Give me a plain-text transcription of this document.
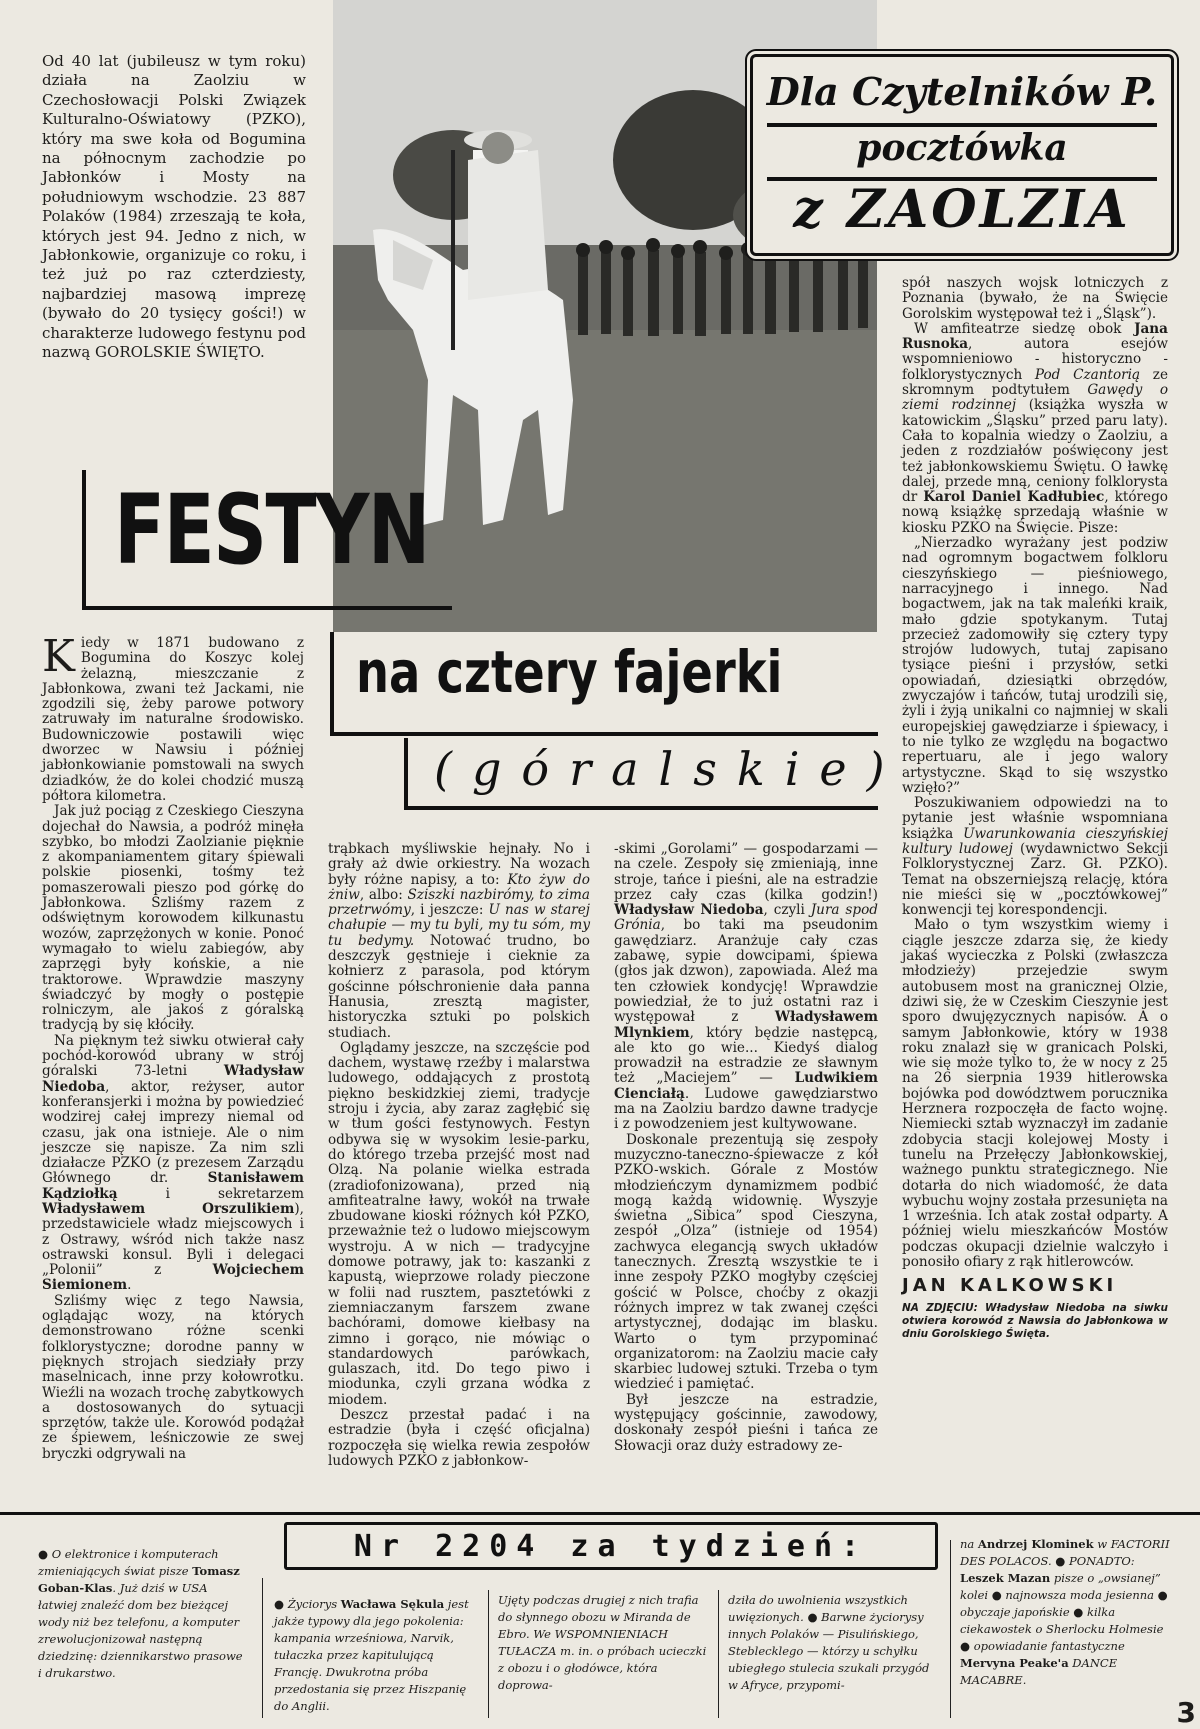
Dla Czytelników P.
pocztówka
z ZAOLZIA
Od 40 lat (jubileusz w tym roku) działa na Zaolziu w Czechosłowacji Polski Związek Kulturalno-Oświatowy (PZKO), który ma swe koła od Bogumina na północnym zachodzie po Jabłonków i Mosty na południowym wschodzie. 23 887 Polaków (1984) zrzeszają te koła, których jest 94. Jedno z nich, w Jabłonkowie, organizuje co roku, i też już po raz czterdziesty, najbardziej masową imprezę (bywało do 20 tysięcy gości!) w charakterze ludowego festynu pod nazwą GOROLSKIE ŚWIĘTO.
FESTYN
na cztery fajerki
(góralskie)

Kiedy w 1871 budowano z Bogumina do Koszyc kolej żelazną, mieszczanie z Jabłonkowa, zwani też Jackami, nie zgodzili się, żeby parowe potwory zatruwały im naturalne środowisko. Budowniczowie postawili więc dworzec w Nawsiu i później jabłonkowianie pomstowali na swych dziadków, że do kolei chodzić muszą półtora kilometra.

Jak już pociąg z Czeskiego Cieszyna dojechał do Nawsia, a podróż minęła szybko, bo młodzi Zaolzianie pięknie z akompaniamentem gitary śpiewali polskie piosenki, tośmy też pomaszerowali pieszo pod górkę do Jabłonkowa. Szliśmy razem z odświętnym korowodem kilkunastu wozów, zaprzężonych w konie. Ponoć wymagało to wielu zabiegów, aby zaprzęgi były końskie, a nie traktorowe. Wprawdzie maszyny świadczyć by mogły o postępie rolniczym, ale jakoś z góralską tradycją by się kłóciły.

Na pięknym też siwku otwierał cały pochód-korowód ubrany w strój góralski 73-letni Władysław Niedoba, aktor, reżyser, autor konferansjerki i można by powiedzieć wodzirej całej imprezy niemal od czasu, jak ona istnieje. Ale o nim jeszcze się napisze. Za nim szli działacze PZKO (z prezesem Zarządu Głównego dr. Stanisławem Kądziołką i sekretarzem Władysławem Orszulikiem), przedstawiciele władz miejscowych i z Ostrawy, wśród nich także nasz ostrawski konsul. Byli i delegaci „Polonii” z Wojciechem Siemionem.

Szliśmy więc z tego Nawsia, oglądając wozy, na których demonstrowano różne scenki folklorystyczne; dorodne panny w pięknych strojach siedziały przy maselnicach, inne przy kołowrotku. Wieźli na wozach trochę zabytkowych a dostosowanych do sytuacji sprzętów, także ule. Korowód podążał ze śpiewem, leśniczowie ze swej bryczki odgrywali na

trąbkach myśliwskie hejnały. No i grały aż dwie orkiestry. Na wozach były różne napisy, a to: Kto żyw do żniw, albo: Sziszki nazbirómy, to zima przetrwómy, i jeszcze: U nas w starej chałupie — my tu byli, my tu sóm, my tu bedymy. Notować trudno, bo deszczyk gęstnieje i cieknie za kołnierz z parasola, pod którym gościnne półschronienie dała panna Hanusia, zresztą magister, historyczka sztuki po polskich studiach.

Oglądamy jeszcze, na szczęście pod dachem, wystawę rzeźby i malarstwa ludowego, oddających z prostotą piękno beskidzkiej ziemi, tradycje stroju i życia, aby zaraz zagłębić się w tłum gości festynowych. Festyn odbywa się w wysokim lesie-parku, do którego trzeba przejść most nad Olzą. Na polanie wielka estrada (zradiofonizowana), przed nią amfiteatralne ławy, wokół na trwałe zbudowane kioski różnych kół PZKO, przeważnie też o ludowo miejscowym wystroju. A w nich — tradycyjne domowe potrawy, jak to: kaszanki z kapustą, wieprzowe rolady pieczone w folii nad rusztem, pasztetówki z ziemniaczanym farszem zwane bachórami, domowe kiełbasy na zimno i gorąco, nie mówiąc o standardowych parówkach, gulaszach, itd. Do tego piwo i miodunka, czyli grzana wódka z miodem.

Deszcz przestał padać i na estradzie (była i część oficjalna) rozpoczęła się wielka rewia zespołów ludowych PZKO z jabłonkow-

-skimi „Gorolami” — gospodarzami — na czele. Zespoły się zmieniają, inne stroje, tańce i pieśni, ale na estradzie przez cały czas (kilka godzin!) Władysław Niedoba, czyli Jura spod Grónia, bo taki ma pseudonim gawędziarz. Aranżuje cały czas zabawę, sypie dowcipami, śpiewa (głos jak dzwon), zapowiada. Aleź ma ten człowiek kondycję! Wprawdzie powiedział, że to już ostatni raz i występował z Władysławem Mlynkiem, który będzie następcą, ale kto go wie... Kiedyś dialog prowadził na estradzie ze sławnym też „Maciejem” — Ludwikiem Cienciałą. Ludowe gawędziarstwo ma na Zaolziu bardzo dawne tradycje i z powodzeniem jest kultywowane.

Doskonale prezentują się zespoły muzyczno-taneczno-śpiewacze z kół PZKO-wskich. Górale z Mostów młodzieńczym dynamizmem podbić mogą każdą widownię. Wyszyje świetna „Sibica” spod Cieszyna, zespół „Olza” (istnieje od 1954) zachwyca elegancją swych układów tanecznych. Zresztą wszystkie te i inne zespoły PZKO mogłyby częściej gościć w Polsce, choćby z okazji różnych imprez w tak zwanej części artystycznej, dodając im blasku. Warto o tym przypominać organizatorom: na Zaolziu macie cały skarbiec ludowej sztuki. Trzeba o tym wiedzieć i pamiętać.

Był jeszcze na estradzie, występujący gościnnie, zawodowy, doskonały zespół pieśni i tańca ze Słowacji oraz duży estradowy ze-

spół naszych wojsk lotniczych z Poznania (bywało, że na Święcie Gorolskim występował też i „Śląsk”).

W amfiteatrze siedzę obok Jana Rusnoka, autora esejów wspomnieniowo - historyczno - folklorystycznych Pod Czantorią ze skromnym podtytułem Gawędy o ziemi rodzinnej (książka wyszła w katowickim „Śląsku” przed paru laty). Cała to kopalnia wiedzy o Zaolziu, a jeden z rozdziałów poświęcony jest też jabłonkowskiemu Świętu. O ławkę dalej, przede mną, ceniony folklorysta dr Karol Daniel Kadłubiec, którego nową książkę sprzedają właśnie w kiosku PZKO na Święcie. Pisze:

„Nierzadko wyrażany jest podziw nad ogromnym bogactwem folkloru cieszyńskiego — pieśniowego, narracyjnego i innego. Nad bogactwem, jak na tak maleńki kraik, mało gdzie spotykanym. Tutaj przecież zadomowiły się cztery typy strojów ludowych, tutaj zapisano tysiące pieśni i przysłów, setki opowiadań, dziesiątki obrzędów, zwyczajów i tańców, tutaj urodzili się, żyli i żyją unikalni co najmniej w skali europejskiej gawędziarze i śpiewacy, i to nie tylko ze względu na bogactwo repertuaru, ale i jego walory artystyczne. Skąd to się wszystko wzięło?”

Poszukiwaniem odpowiedzi na to pytanie jest właśnie wspomniana książka Uwarunkowania cieszyńskiej kultury ludowej (wydawnictwo Sekcji Folklorystycznej Zarz. Gł. PZKO). Temat na obszerniejszą relację, która nie mieści się w „pocztówkowej” konwencji tej korespondencji.

Mało o tym wszystkim wiemy i ciągle jeszcze zdarza się, że kiedy jakaś wycieczka z Polski (zwłaszcza młodzieży) przejedzie swym autobusem most na granicznej Olzie, dziwi się, że w Czeskim Cieszynie jest sporo dwujęzycznych napisów. A o samym Jabłonkowie, który w 1938 roku znalazł się w granicach Polski, wie się może tylko to, że w nocy z 25 na 26 sierpnia 1939 hitlerowska bojówka pod dowództwem porucznika Herznera rozpoczęła de facto wojnę. Niemiecki sztab wyznaczył im zadanie zdobycia stacji kolejowej Mosty i tunelu na Przełęczy Jabłonkowskiej, ważnego punktu strategicznego. Nie dotarła do nich wiadomość, że data wybuchu wojny została przesunięta na 1 września. Ich atak został odparty. A później wielu mieszkańców Mostów podczas okupacji dzielnie walczyło i ponosiło ofiary z rąk hitlerowców.

JAN KALKOWSKI
NA ZDJĘCIU: Władysław Niedoba na siwku otwiera korowód z Nawsia do Jabłonkowa w dniu Gorolskiego Święta.
Nr 2204 za tydzień:
● O elektronice i komputerach zmieniających świat pisze Tomasz Goban-Klas. Już dziś w USA łatwiej znaleźć dom bez bieżącej wody niż bez telefonu, a komputer zrewolucjonizował następną dziedzinę: dziennikarstwo prasowe i drukarstwo.
● Życiorys Wacława Sękula jest jakże typowy dla jego pokolenia: kampania wrześniowa, Narvik, tułaczka przez kapitulującą Francję. Dwukrotna próba przedostania się przez Hiszpanię do Anglii.
Ujęty podczas drugiej z nich trafia do słynnego obozu w Miranda de Ebro. We WSPOMNIENIACH TUŁACZA m. in. o próbach ucieczki z obozu i o głodówce, która doprowa-
dziła do uwolnienia wszystkich uwięzionych. ● Barwne życiorysy innych Polaków — Pisulińskiego, Steblecklego — którzy u schyłku ubiegłego stulecia szukali przygód w Afryce, przypomi-
na Andrzej Klominek w FACTORII DES POLACOS. ● PONADTO: Leszek Mazan pisze o „owsianej” kolei ● najnowsza moda jesienna ● obyczaje japońskie ● kilka ciekawostek o Sherlocku Holmesie ● opowiadanie fantastyczne Mervyna Peake'a DANCE MACABRE.
3
